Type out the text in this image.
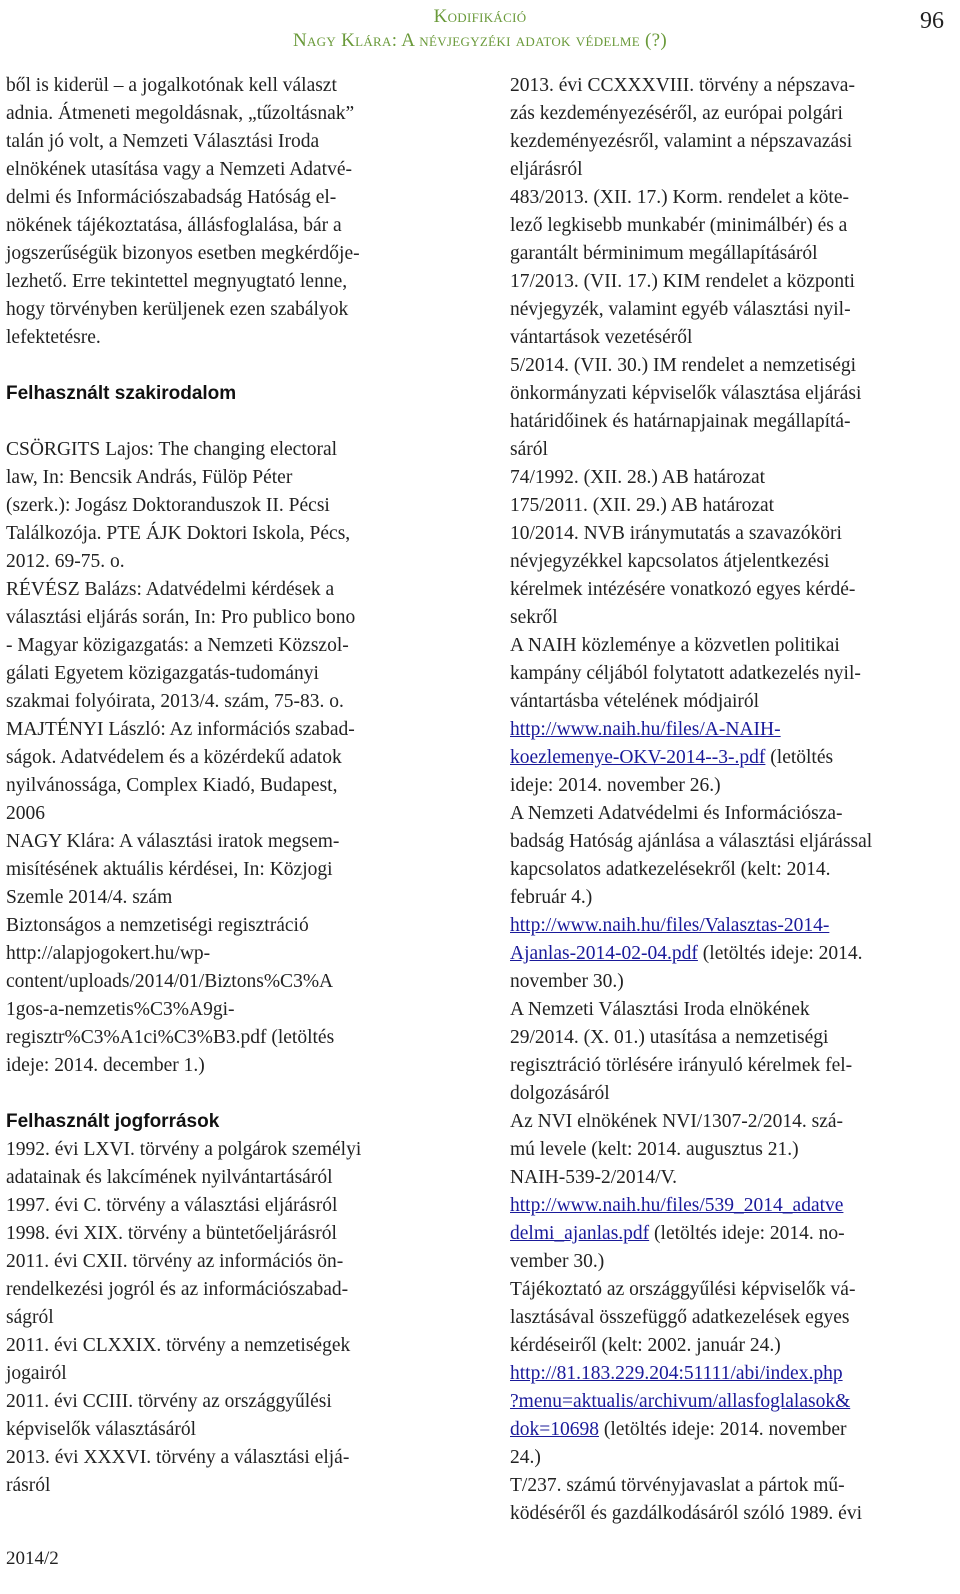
Kodifikáció
Nagy Klára: A névjegyzéki adatok védelme (?)
96

ből is kiderül – a jogalkotónak kell választ

adnia. Átmeneti megoldásnak, „tűzoltásnak”

talán jó volt, a Nemzeti Választási Iroda

elnökének utasítása vagy a Nemzeti Adatvé-

delmi és Információszabadság Hatóság el-

nökének tájékoztatása, állásfoglalása, bár a

jogszerűségük bizonyos esetben megkérdője-

lezhető. Erre tekintettel megnyugtató lenne,

hogy törvényben kerüljenek ezen szabályok

lefektetésre.

Felhasznált szakirodalom

CSÖRGITS Lajos: The changing electoral

law, In: Bencsik András, Fülöp Péter

(szerk.): Jogász Doktoranduszok II. Pécsi

Találkozója. PTE ÁJK Doktori Iskola, Pécs,

2012. 69-75. o.

RÉVÉSZ Balázs: Adatvédelmi kérdések a

választási eljárás során, In: Pro publico bono

- Magyar közigazgatás: a Nemzeti Közszol-

gálati Egyetem közigazgatás-tudományi

szakmai folyóirata, 2013/4. szám, 75-83. o.

MAJTÉNYI László: Az információs szabad-

ságok. Adatvédelem és a közérdekű adatok

nyilvánossága, Complex Kiadó, Budapest,

2006

NAGY Klára: A választási iratok megsem-

misítésének aktuális kérdései, In: Közjogi

Szemle 2014/4. szám

Biztonságos a nemzetiségi regisztráció

http://alapjogokert.hu/wp-

content/uploads/2014/01/Biztons%C3%A

1gos-a-nemzetis%C3%A9gi-

regisztr%C3%A1ci%C3%B3.pdf (letöltés

ideje: 2014. december 1.)

Felhasznált jogforrások

1992. évi LXVI. törvény a polgárok személyi

adatainak és lakcímének nyilvántartásáról

1997. évi C. törvény a választási eljárásról

1998. évi XIX. törvény a büntetőeljárásról

2011. évi CXII. törvény az információs ön-

rendelkezési jogról és az információszabad-

ságról

2011. évi CLXXIX. törvény a nemzetiségek

jogairól

2011. évi CCIII. törvény az országgyűlési

képviselők választásáról

2013. évi XXXVI. törvény a választási eljá-

rásról

2013. évi CCXXXVIII. törvény a népszava-

zás kezdeményezéséről, az európai polgári

kezdeményezésről, valamint a népszavazási

eljárásról

483/2013. (XII. 17.) Korm. rendelet a köte-

lező legkisebb munkabér (minimálbér) és a

garantált bérminimum megállapításáról

17/2013. (VII. 17.) KIM rendelet a központi

névjegyzék, valamint egyéb választási nyil-

vántartások vezetéséről

5/2014. (VII. 30.) IM rendelet a nemzetiségi

önkormányzati képviselők választása eljárási

határidőinek és határnapjainak megállapítá-

sáról

74/1992. (XII. 28.) AB határozat

175/2011. (XII. 29.) AB határozat

10/2014. NVB iránymutatás a szavazóköri

névjegyzékkel kapcsolatos átjelentkezési

kérelmek intézésére vonatkozó egyes kérdé-

sekről

A NAIH közleménye a közvetlen politikai

kampány céljából folytatott adatkezelés nyil-

vántartásba vételének módjairól

http://www.naih.hu/files/A-NAIH-

koezlemenye-OKV-2014--3-.pdf (letöltés

ideje: 2014. november 26.)

A Nemzeti Adatvédelmi és Információsza-

badság Hatóság ajánlása a választási eljárással

kapcsolatos adatkezelésekről (kelt: 2014.

február 4.)

http://www.naih.hu/files/Valasztas-2014-

Ajanlas-2014-02-04.pdf (letöltés ideje: 2014.

november 30.)

A Nemzeti Választási Iroda elnökének

29/2014. (X. 01.) utasítása a nemzetiségi

regisztráció törlésére irányuló kérelmek fel-

dolgozásáról

Az NVI elnökének NVI/1307-2/2014. szá-

mú levele (kelt: 2014. augusztus 21.)

NAIH-539-2/2014/V.

http://www.naih.hu/files/539_2014_adatve

delmi_ajanlas.pdf (letöltés ideje: 2014. no-

vember 30.)

Tájékoztató az országgyűlési képviselők vá-

lasztásával összefüggő adatkezelések egyes

kérdéseiről (kelt: 2002. január 24.)

http://81.183.229.204:51111/abi/index.php

?menu=aktualis/archivum/allasfoglalasok&

dok=10698 (letöltés ideje: 2014. november

24.)

T/237. számú törvényjavaslat a pártok mű-

ködéséről és gazdálkodásáról szóló 1989. évi

2014/2
